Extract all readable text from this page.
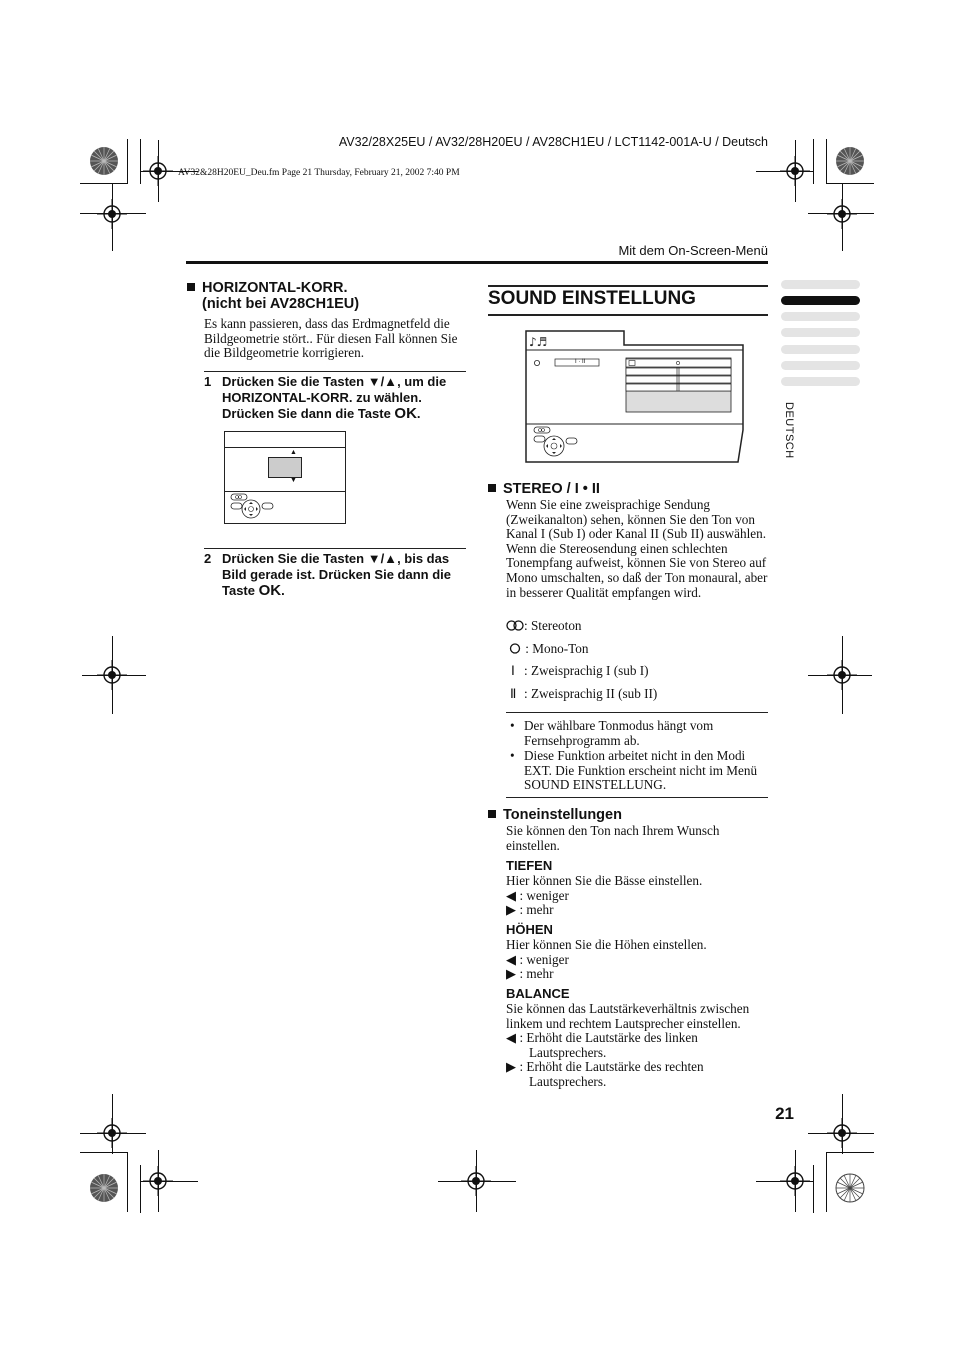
AV32/28X25EU / AV32/28H20EU / AV28CH1EU / LCT1142-001A-U / Deutsch
AV32&28H20EU_Deu.fm Page 21 Thursday, February 21, 2002 7:40 PM
Mit dem On-Screen-Menü
DEUTSCH
HORIZONTAL-KORR.
(nicht bei AV28CH1EU)
Es kann passieren, dass das Erdmagnetfeld die Bildgeometrie stört.. Für diesen Fall können Sie die Bildgeometrie korrigieren.
1 Drücken Sie die Tasten ▼/▲, um die HORIZONTAL-KORR. zu wählen. Drücken Sie dann die Taste OK.
▲
▼
2 Drücken Sie die Tasten ▼/▲, bis das Bild gerade ist. Drücken Sie dann die Taste OK.
SOUND EINSTELLUNG
♪♬
I · II
STEREO / I • II
Wenn Sie eine zweisprachige Sendung (Zweikanalton) sehen, können Sie den Ton von Kanal I (Sub I) oder Kanal II (Sub II) auswählen. Wenn die Stereosendung einen schlechten Tonempfang aufweist, können Sie von Stereo auf Mono umschalten, so daß der Ton monaural, aber in besserer Qualität empfangen wird.
: Stereoton
: Mono-Ton
Ⅰ : Zweisprachig I (sub I)
Ⅱ : Zweisprachig II (sub II)
• Der wählbare Tonmodus hängt vom Fernsehprogramm ab.
• Diese Funktion arbeitet nicht in den Modi EXT. Die Funktion erscheint nicht im Menü SOUND EINSTELLUNG.
Toneinstellungen
Sie können den Ton nach Ihrem Wunsch einstellen.
TIEFEN
Hier können Sie die Bässe einstellen.
◀ : weniger
▶ : mehr
HÖHEN
Hier können Sie die Höhen einstellen.
◀ : weniger
▶ : mehr
BALANCE
Sie können das Lautstärkeverhältnis zwischen linkem und rechtem Lautsprecher einstellen.
◀ : Erhöht die Lautstärke des linken
Lautsprechers.
▶ : Erhöht die Lautstärke des rechten
Lautsprechers.
21
